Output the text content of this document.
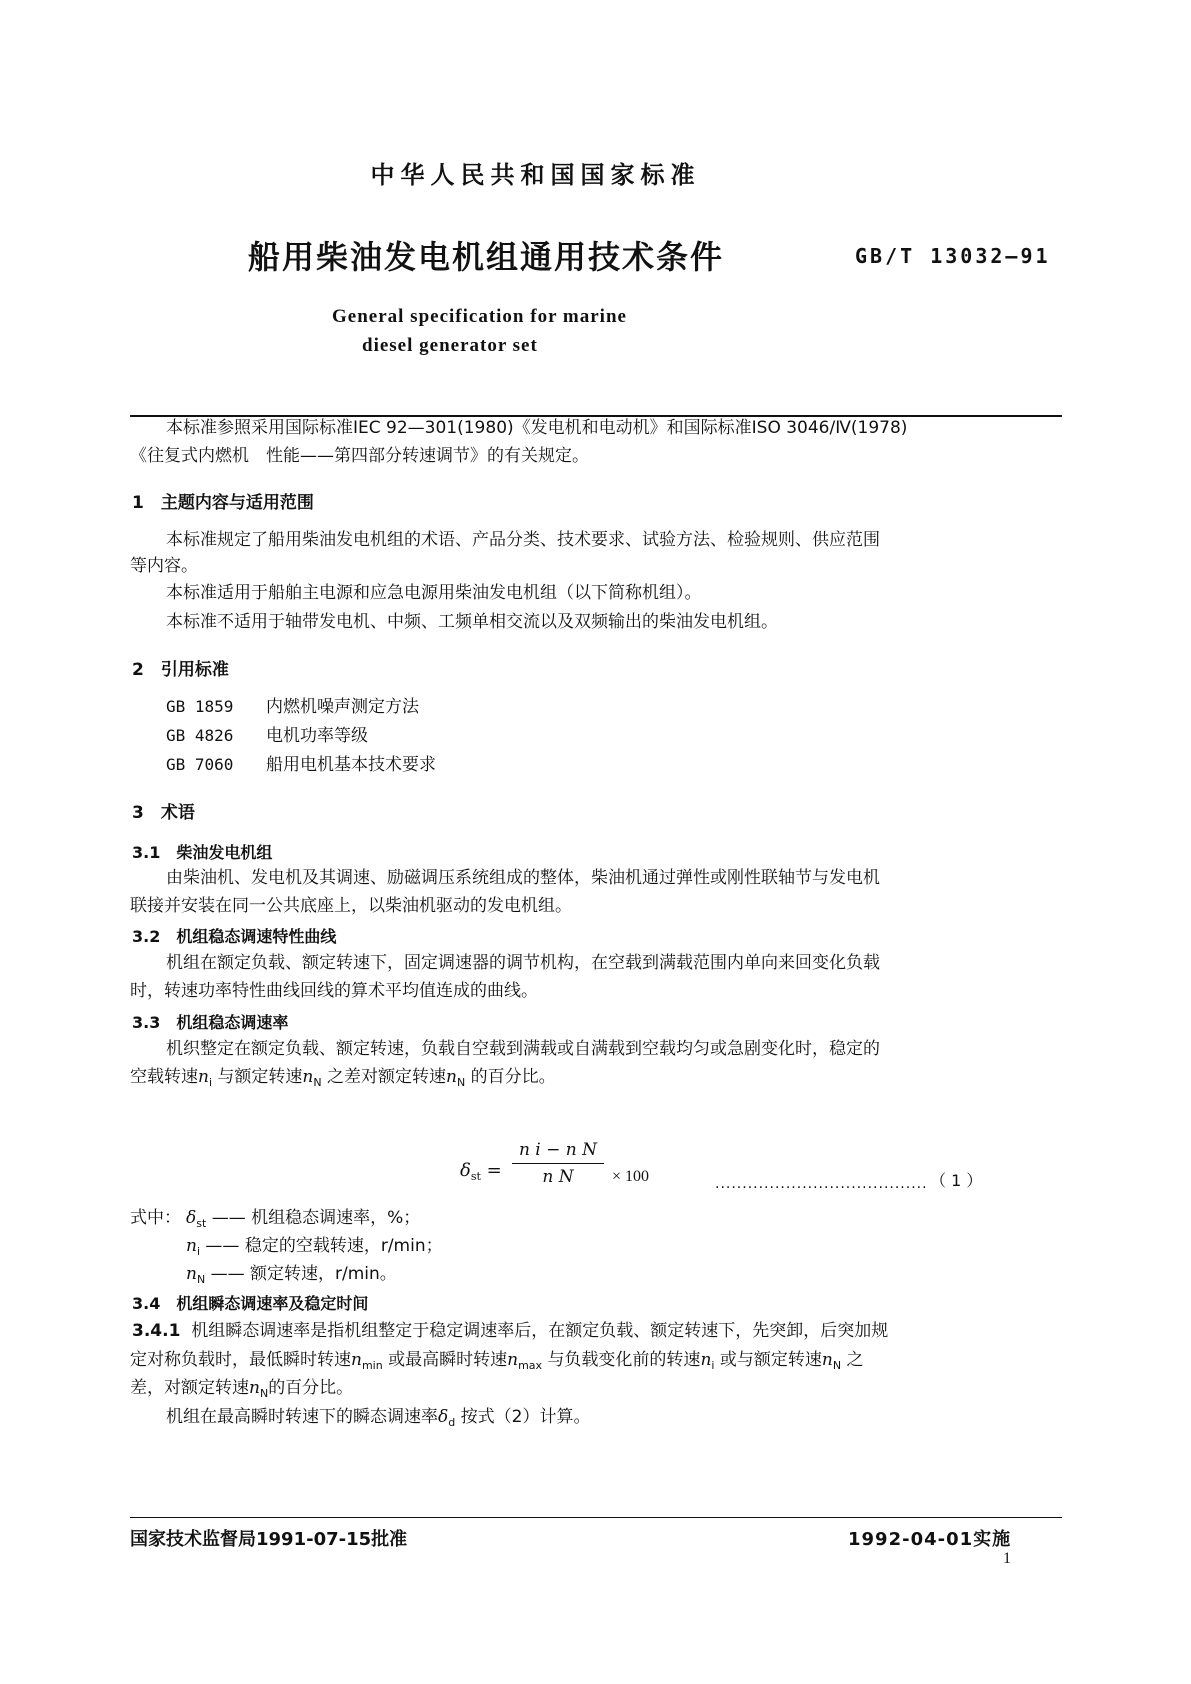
中华人民共和国国家标准
船用柴油发电机组通用技术条件	GB/T 13032—91
General specification for marine
diesel generator set
本标准参照采用国际标准IEC 92—301(1980)《发电机和电动机》和国际标准ISO 3046/Ⅳ(1978)
《往复式内燃机　性能——第四部分转速调节》的有关规定。
1　主题内容与适用范围
本标准规定了船用柴油发电机组的术语、产品分类、技术要求、试验方法、检验规则、供应范围
等内容。
本标准适用于船舶主电源和应急电源用柴油发电机组（以下简称机组）。
本标准不适用于轴带发电机、中频、工频单相交流以及双频输出的柴油发电机组。
2　引用标准
GB 1859 内燃机噪声测定方法
GB 4826 电机功率等级
GB 7060 船用电机基本技术要求
3　术语
3.1　柴油发电机组
由柴油机、发电机及其调速、励磁调压系统组成的整体，柴油机通过弹性或刚性联轴节与发电机
联接并安装在同一公共底座上，以柴油机驱动的发电机组。
3.2　机组稳态调速特性曲线
机组在额定负载、额定转速下，固定调速器的调节机构，在空载到满载范围内单向来回变化负载
时，转速功率特性曲线回线的算术平均值连成的曲线。
3.3　机组稳态调速率
机织整定在额定负载、额定转速，负载自空载到满载或自满载到空载均匀或急剧变化时，稳定的
空载转速$n_i$ 与额定转速$n_N$ 之差对额定转速$n_N$ 的百分比。
$\delta_{st}$ =
n i − n N
n N	× 100
······································· （ 1 ）
式中： $\delta_{st}$ —— 机组稳态调速率，%；
$n_i$ —— 稳定的空载转速，r/min；
$n_N$ —— 额定转速，r/min。
3.4　机组瞬态调速率及稳定时间
3.4.1 机组瞬态调速率是指机组整定于稳定调速率后，在额定负载、额定转速下，先突卸，后突加规
定对称负载时，最低瞬时转速$n_{min}$ 或最高瞬时转速$n_{max}$ 与负载变化前的转速$n_i$ 或与额定转速$n_N$ 之
差，对额定转速$n_N$的百分比。
机组在最高瞬时转速下的瞬态调速率$\delta_d$ 按式（2）计算。
国家技术监督局1991-07-15批准	1992-04-01实施
1
